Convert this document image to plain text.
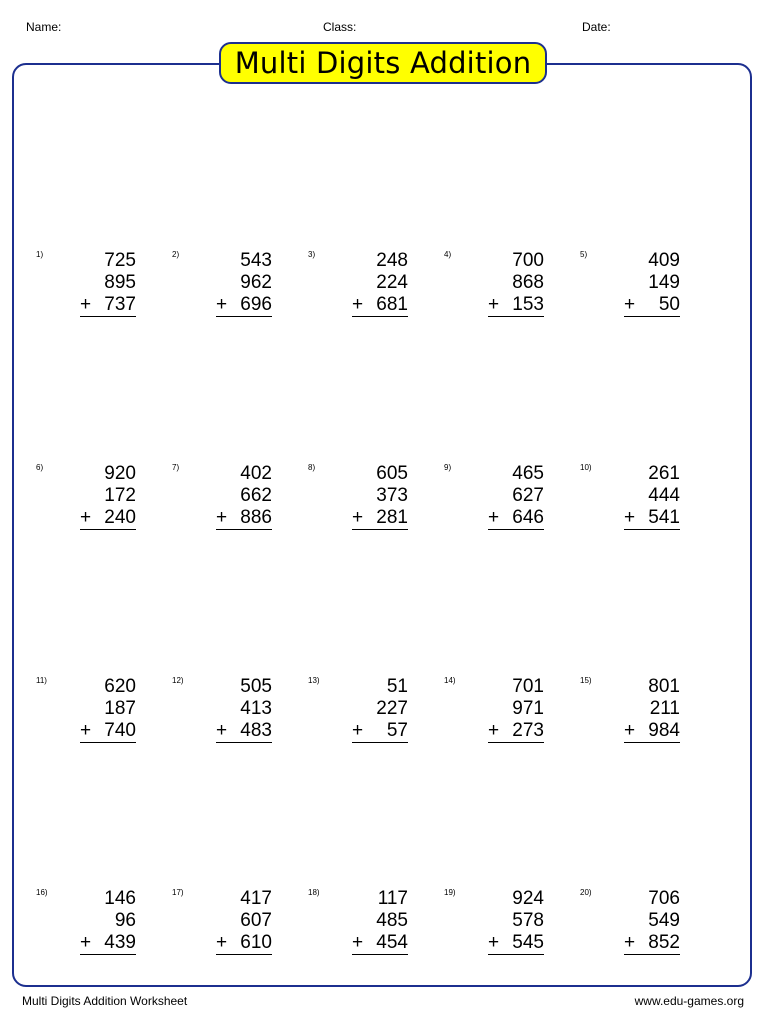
Name:	Class:	Date:
Multi Digits Addition
1)	725
895
+ 737
2)	543
962
+ 696
3)	248
224
+ 681
4)	700
868
+ 153
5)	409
149
+ 50
6)	920
172
+ 240
7)	402
662
+ 886
8)	605
373
+ 281
9)	465
627
+ 646
10)	261
444
+ 541
11)	620
187
+ 740
12)	505
413
+ 483
13)	51
227
+ 57
14)	701
971
+ 273
15)	801
211
+ 984
16)	146
96
+ 439
17)	417
607
+ 610
18)	117
485
+ 454
19)	924
578
+ 545
20)	706
549
+ 852
Multi Digits Addition Worksheet	www.edu-games.org
